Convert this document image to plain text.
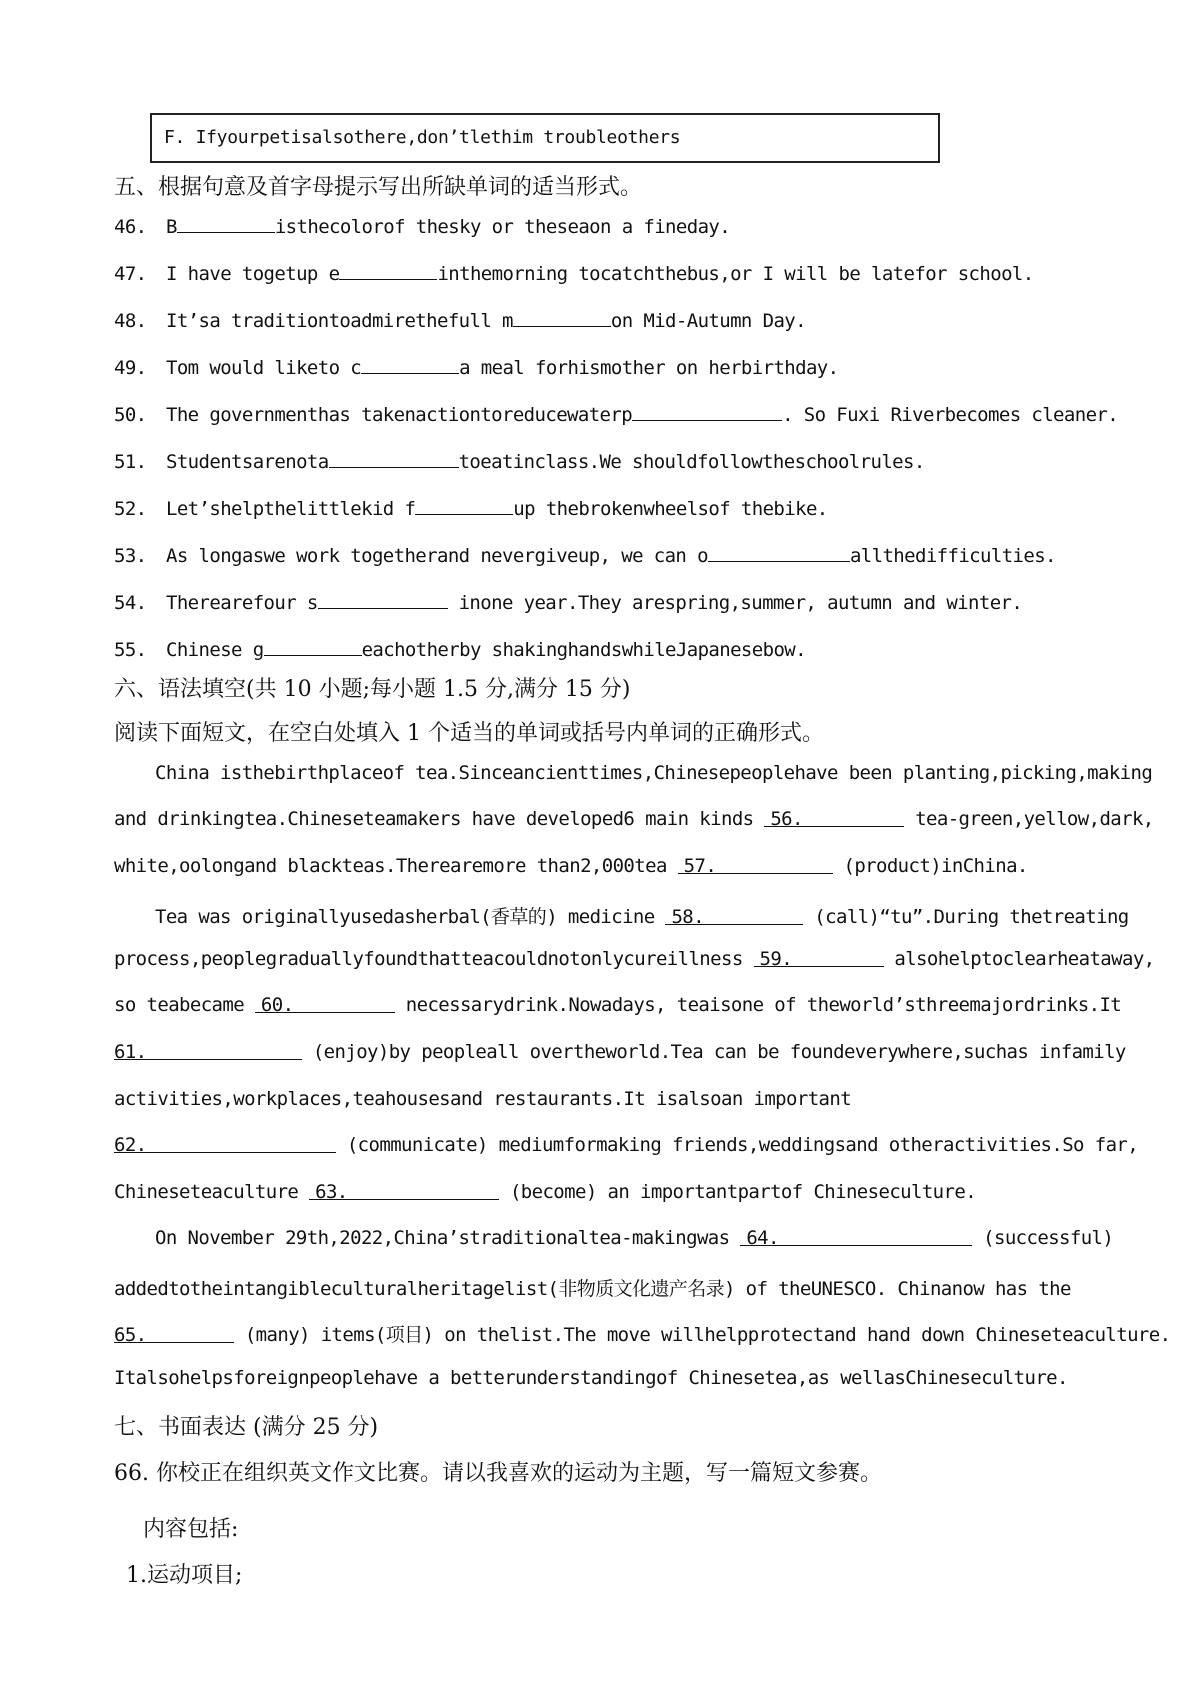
F. Ifyourpetisalsothere,don’tlethim troubleothers
五、根据句意及首字母提示写出所缺单词的适当形式。
46. B	isthecolorof thesky or theseaon a fineday.
47. I have togetup e	inthemorning tocatchthebus,or I will be latefor school.
48. It’sa traditiontoadmirethefull m	on Mid-Autumn Day.
49. Tom would liketo c	a meal forhismother on herbirthday.
50. The governmenthas takenactiontoreducewaterp	. So Fuxi Riverbecomes cleaner.
51. Studentsarenota	toeatinclass.We shouldfollowtheschoolrules.
52. Let’shelpthelittlekid f	up thebrokenwheelsof thebike.
53. As longaswe work togetherand nevergiveup, we can o	allthedifficulties.
54. Therearefour s	inone year.They arespring,summer, autumn and winter.
55. Chinese g	eachotherby shakinghandswhileJapanesebow.
六、语法填空(共 10 小题;每小题 1.5 分,满分 15 分)
阅读下面短文，在空白处填入 1 个适当的单词或括号内单词的正确形式。
China isthebirthplaceof tea.Sinceancienttimes,Chinesepeoplehave been planting,picking,making
and drinkingtea.Chineseteamakers have developed6 main kinds 56.	tea-green,yellow,dark,
white,oolongand blackteas.Therearemore than2,000tea 57.	(product)inChina.
Tea was originallyusedasherbal(香草的) medicine 58.	(call)“tu”.During thetreating
process,peoplegraduallyfoundthatteacouldnotonlycureillness 59.	alsohelptoclearheataway,
so teabecame 60.	necessarydrink.Nowadays, teaisone of theworld’sthreemajordrinks.It
61.	(enjoy)by peopleall overtheworld.Tea can be foundeverywhere,suchas infamily
activities,workplaces,teahousesand restaurants.It isalsoan important
62.	(communicate) mediumformaking friends,weddingsand otheractivities.So far,
Chineseteaculture 63.	(become) an importantpartof Chineseculture.
On November 29th,2022,China’straditionaltea-makingwas 64.	(successful)
addedtotheintangibleculturalheritagelist(非物质文化遗产名录) of theUNESCO. Chinanow has the
65.	(many) items(项目) on thelist.The move willhelpprotectand hand down Chineseteaculture.
Italsohelpsforeignpeoplehave a betterunderstandingof Chinesetea,as wellasChineseculture.
七、书面表达 (满分 25 分)
66. 你校正在组织英文作文比赛。请以我喜欢的运动为主题，写一篇短文参赛。
内容包括:
1.运动项目;
